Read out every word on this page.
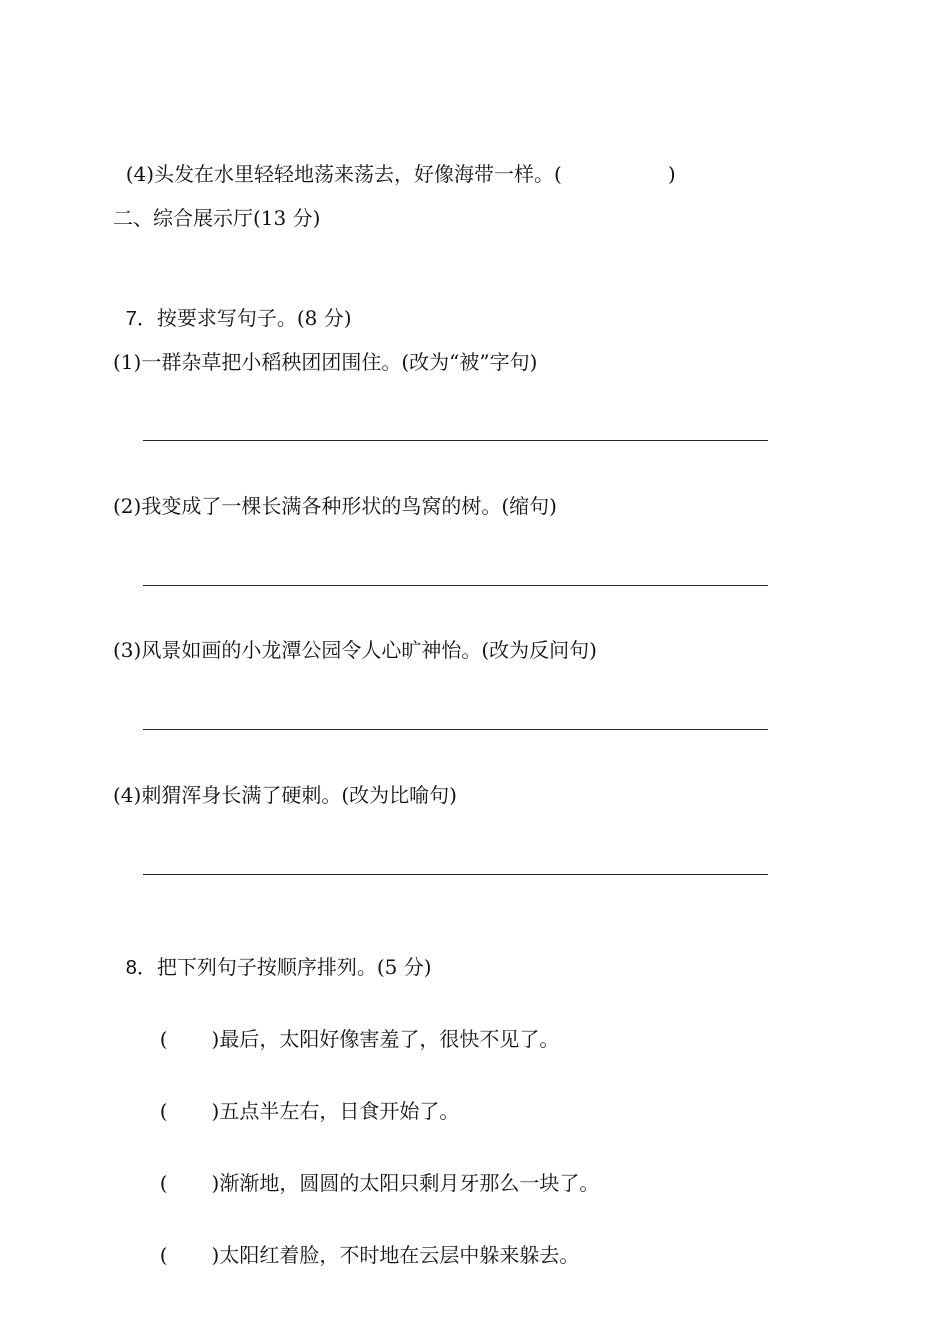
(4)头发在水里轻轻地荡来荡去，好像海带一样。(	)

二、综合展示厅(13 分)

7．按要求写句子。(8 分)

(1)一群杂草把小稻秧团团围住。(改为“被”字句)
(2)我变成了一棵长满各种形状的鸟窝的树。(缩句)
(3)风景如画的小龙潭公园令人心旷神怡。(改为反问句)
(4)刺猬浑身长满了硬刺。(改为比喻句)

8．把下列句子按顺序排列。(5 分)

( )最后，太阳好像害羞了，很快不见了。

( )五点半左右，日食开始了。

( )渐渐地，圆圆的太阳只剩月牙那么一块了。

( )太阳红着脸，不时地在云层中躲来躲去。
